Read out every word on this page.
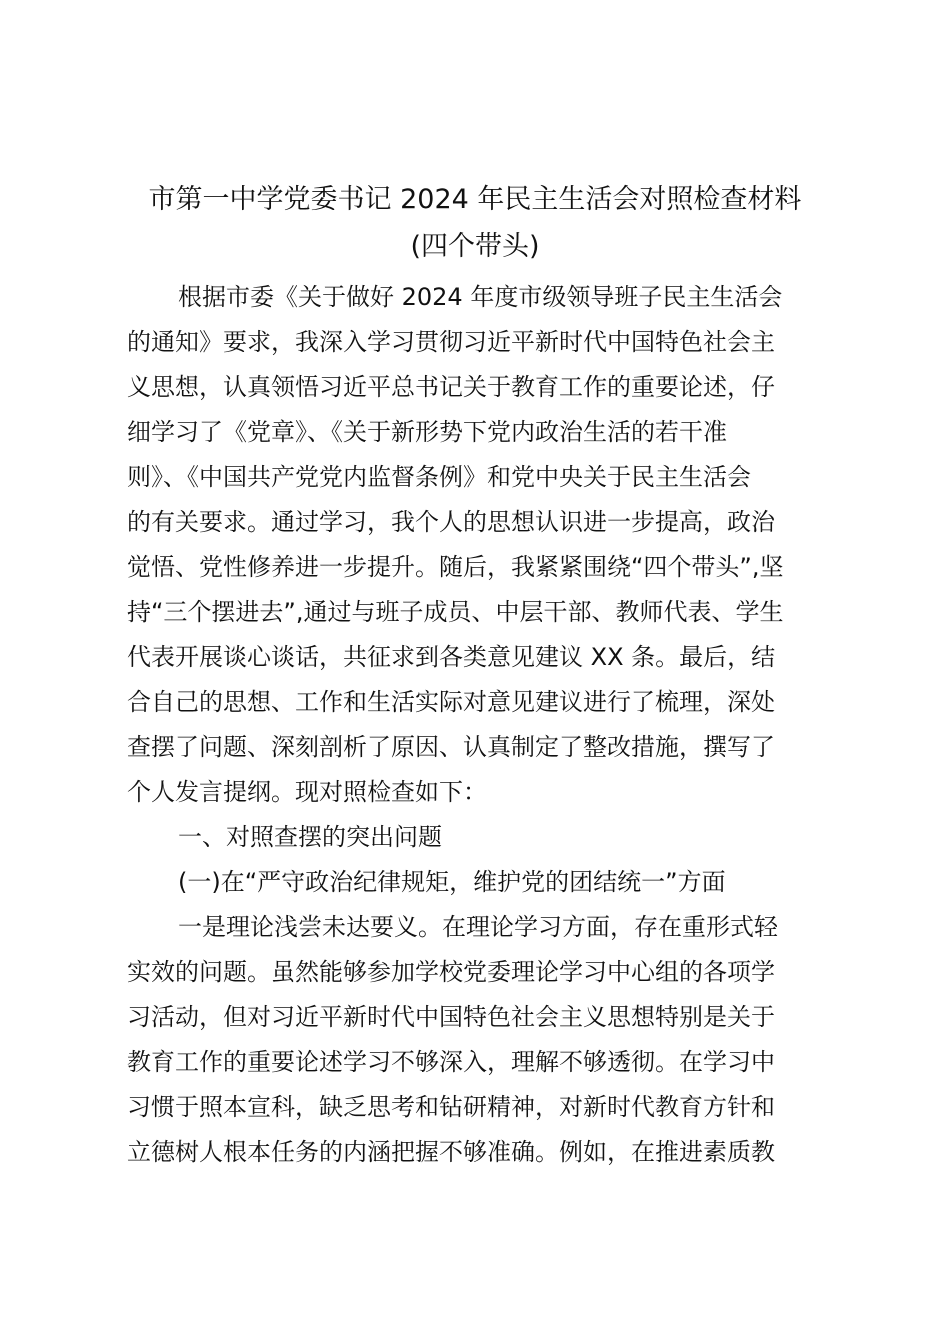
市第一中学党委书记 2024 年民主生活会对照检查材料
(四个带头)
根据市委《关于做好 2024 年度市级领导班子民主生活会
的通知》要求，我深入学习贯彻习近平新时代中国特色社会主
义思想，认真领悟习近平总书记关于教育工作的重要论述，仔
细学习了《党章》、《关于新形势下党内政治生活的若干准
则》、《中国共产党党内监督条例》和党中央关于民主生活会
的有关要求。通过学习，我个人的思想认识进一步提高，政治
觉悟、党性修养进一步提升。随后，我紧紧围绕“四个带头”,坚
持“三个摆进去”,通过与班子成员、中层干部、教师代表、学生
代表开展谈心谈话，共征求到各类意见建议 XX 条。最后，结
合自己的思想、工作和生活实际对意见建议进行了梳理，深处
查摆了问题、深刻剖析了原因、认真制定了整改措施，撰写了
个人发言提纲。现对照检查如下：
一、对照查摆的突出问题
(一)在“严守政治纪律规矩，维护党的团结统一”方面
一是理论浅尝未达要义。在理论学习方面，存在重形式轻
实效的问题。虽然能够参加学校党委理论学习中心组的各项学
习活动，但对习近平新时代中国特色社会主义思想特别是关于
教育工作的重要论述学习不够深入，理解不够透彻。在学习中
习惯于照本宣科，缺乏思考和钻研精神，对新时代教育方针和
立德树人根本任务的内涵把握不够准确。例如，在推进素质教
